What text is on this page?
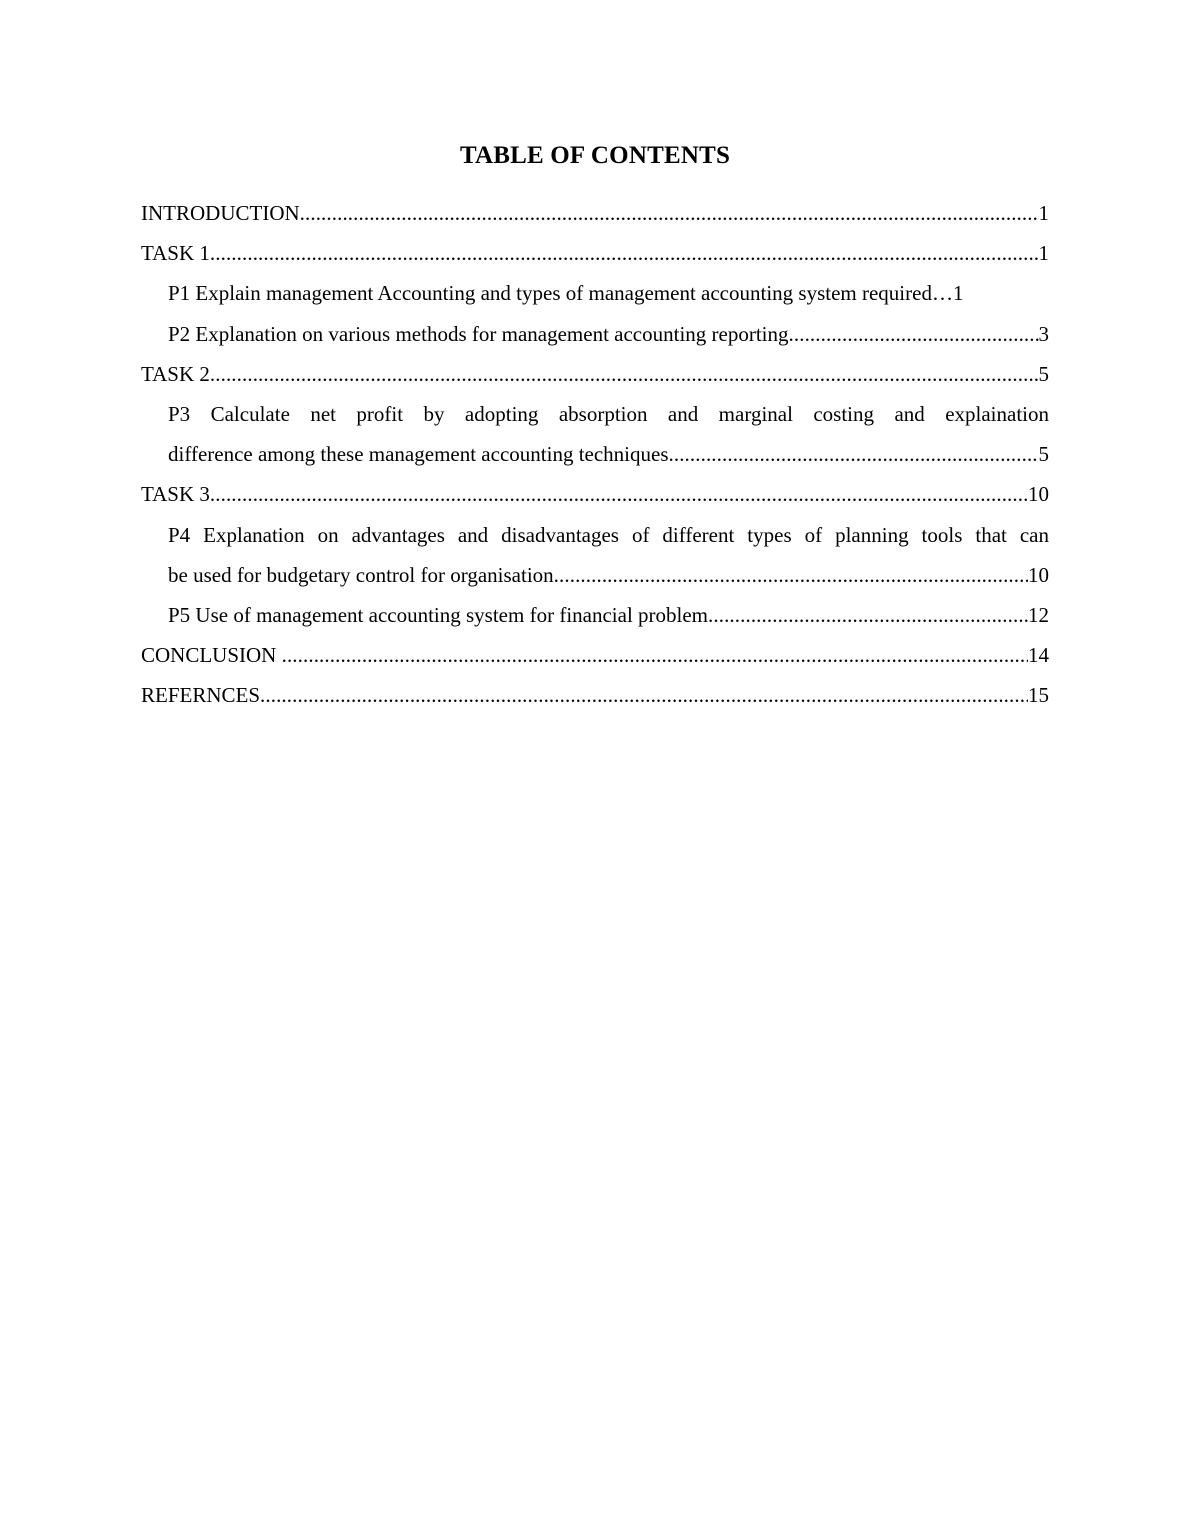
TABLE OF CONTENTS
INTRODUCTION .....	1
TASK 1 .....	1
P1 Explain management Accounting and types of management accounting system required … 1
P2 Explanation on various methods for management accounting reporting .....	3
TASK 2 .....	5
P3 Calculate net profit by adopting absorption and marginal costing and explaination
difference among these management accounting techniques .....	5
TASK 3 .....	10
P4 Explanation on advantages and disadvantages of different types of planning tools that can
be used for budgetary control for organisation .....	10
P5 Use of management accounting system for financial problem .....	12
CONCLUSION .....	14
REFERNCES .....	15
